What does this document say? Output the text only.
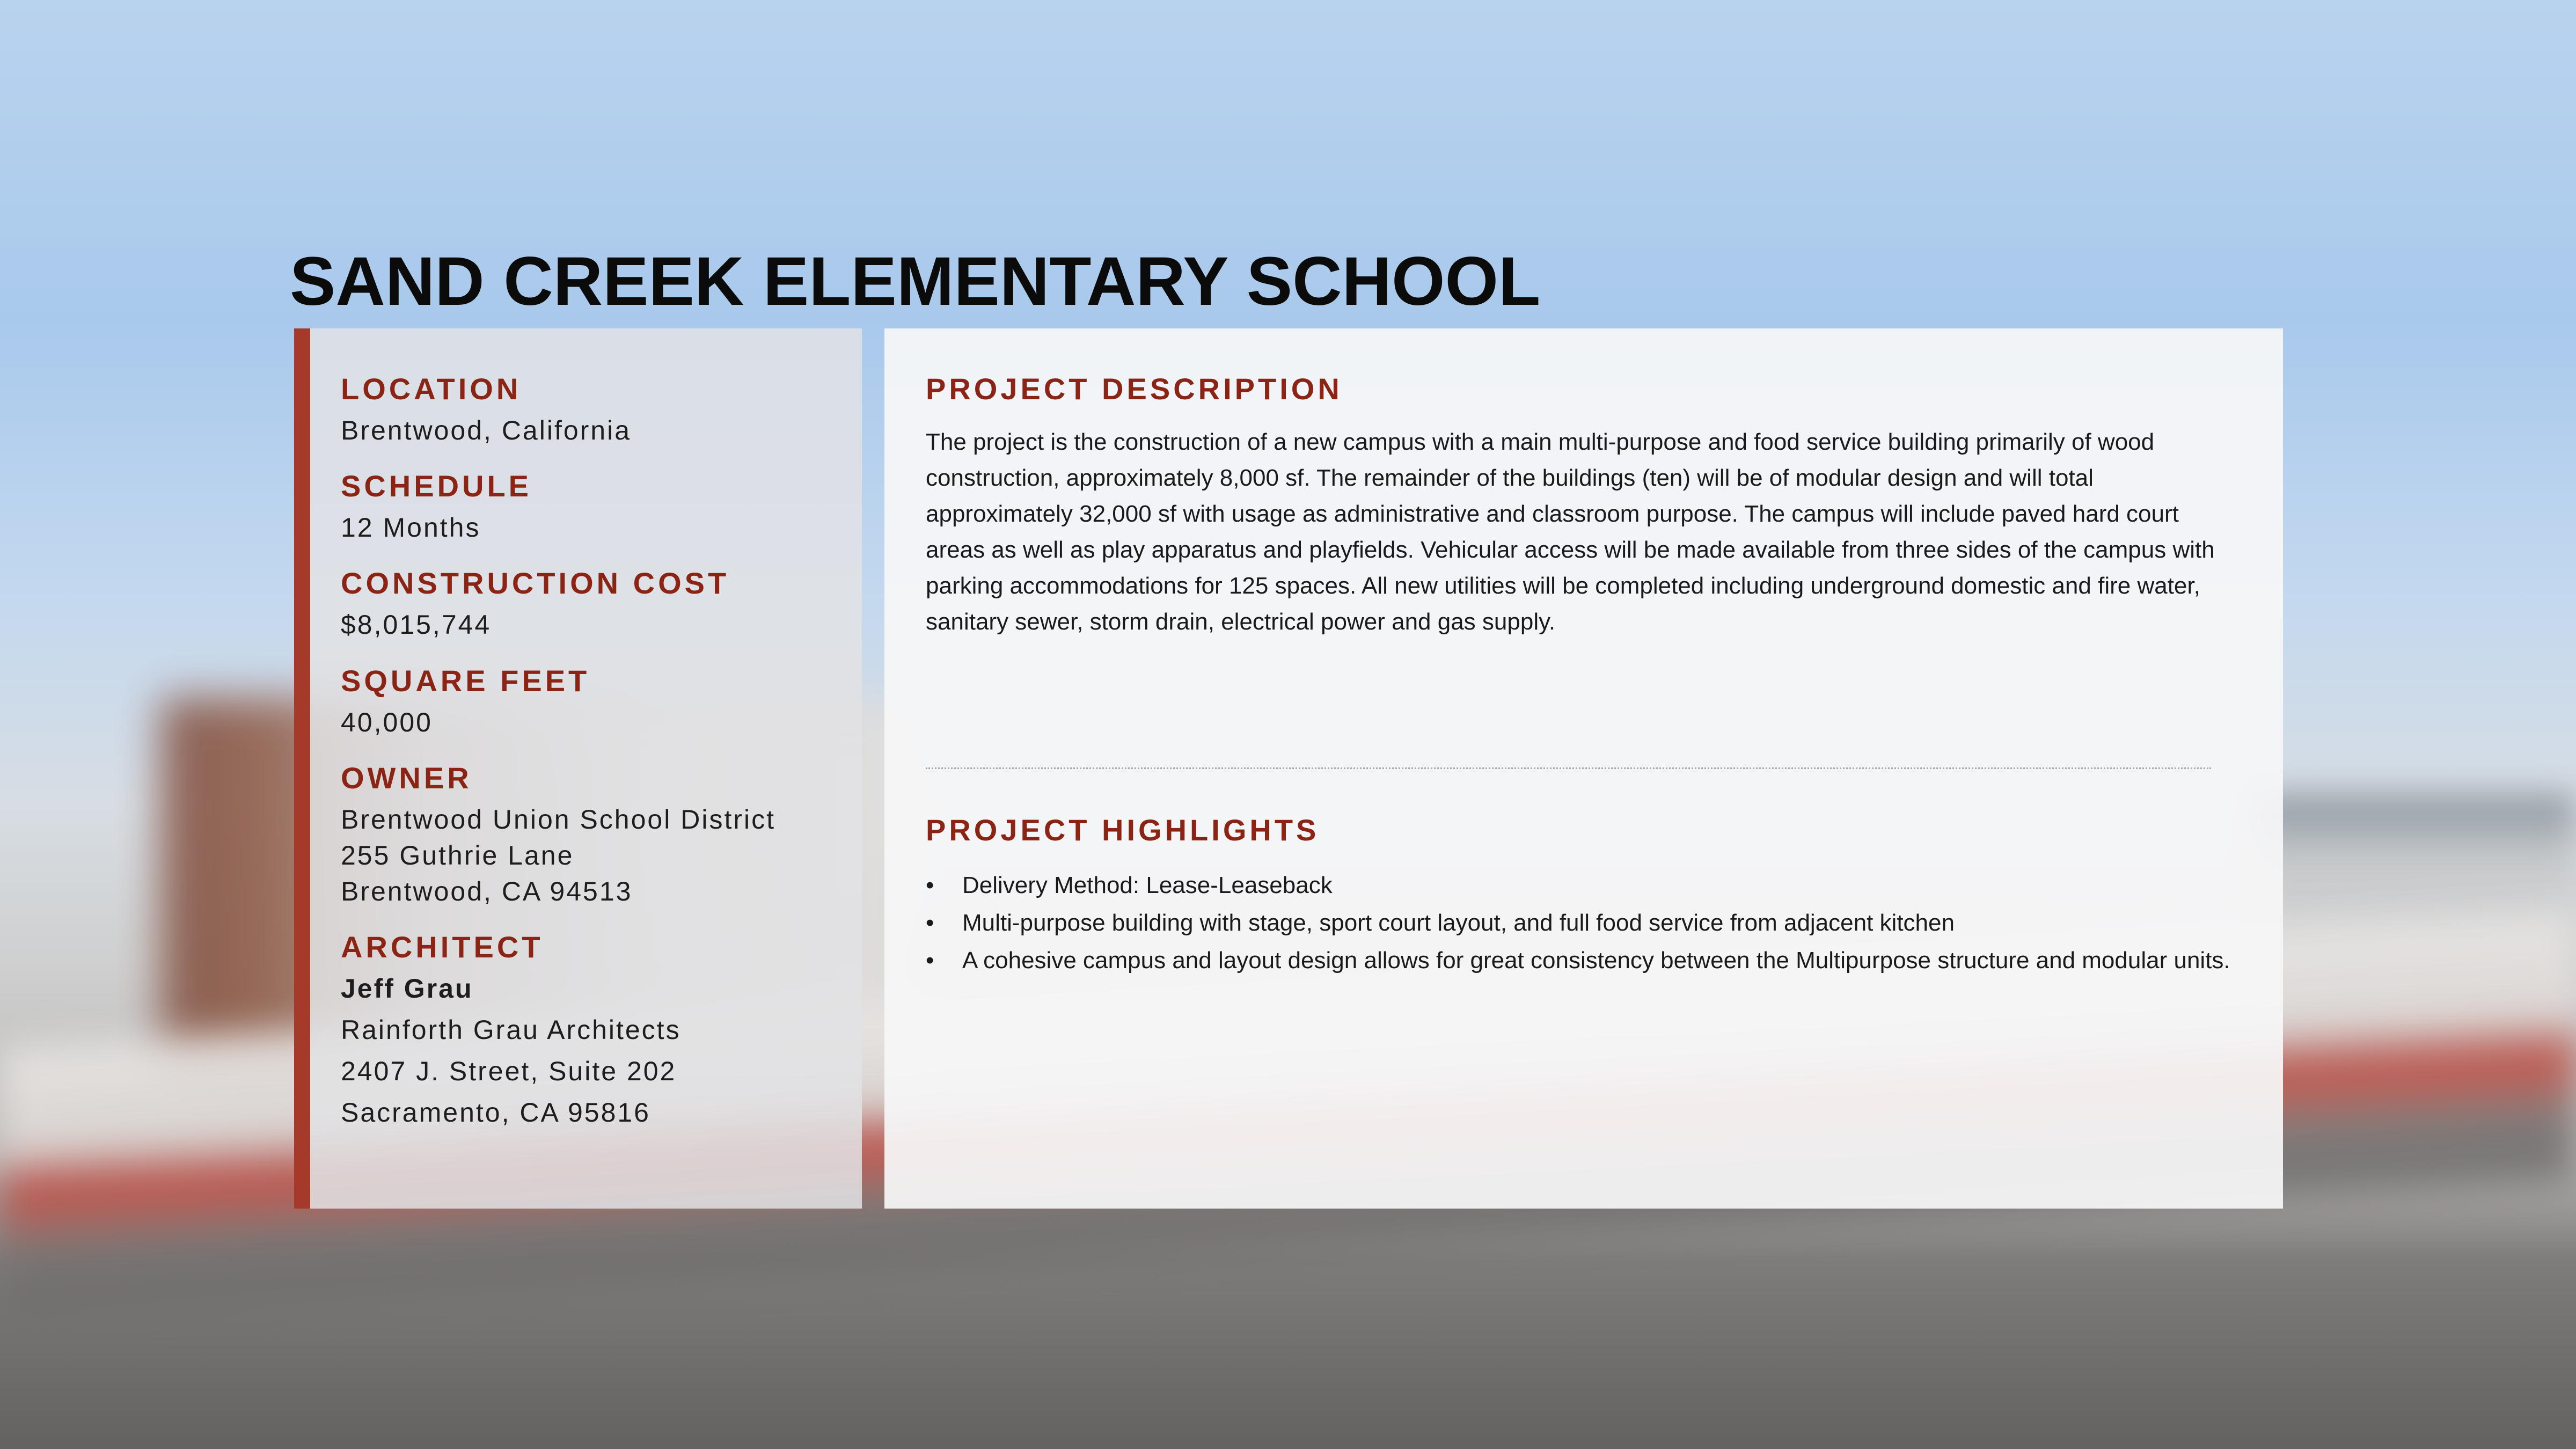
SAND CREEK ELEMENTARY SCHOOL
LOCATION
Brentwood, California
SCHEDULE
12 Months
CONSTRUCTION COST
$8,015,744
SQUARE FEET
40,000
OWNER
Brentwood Union School District
255 Guthrie Lane
Brentwood, CA 94513
ARCHITECT
Jeff Grau
Rainforth Grau Architects
2407 J. Street, Suite 202
Sacramento, CA 95816
PROJECT DESCRIPTION

The project is the construction of a new campus with a main multi-purpose and food service building primarily of wood construction, approximately 8,000 sf. The remainder of the buildings (ten) will be of modular design and will total approximately 32,000 sf with usage as administrative and classroom purpose. The campus will include paved hard court areas as well as play apparatus and playfields. Vehicular access will be made available from three sides of the campus with parking accommodations for 125 spaces. All new utilities will be completed including underground domestic and fire water, sanitary sewer, storm drain, electrical power and gas supply.

PROJECT HIGHLIGHTS
• Delivery Method: Lease-Leaseback
• Multi-purpose building with stage, sport court layout, and full food service from adjacent kitchen
• A cohesive campus and layout design allows for great consistency between the Multipurpose structure and modular units.
